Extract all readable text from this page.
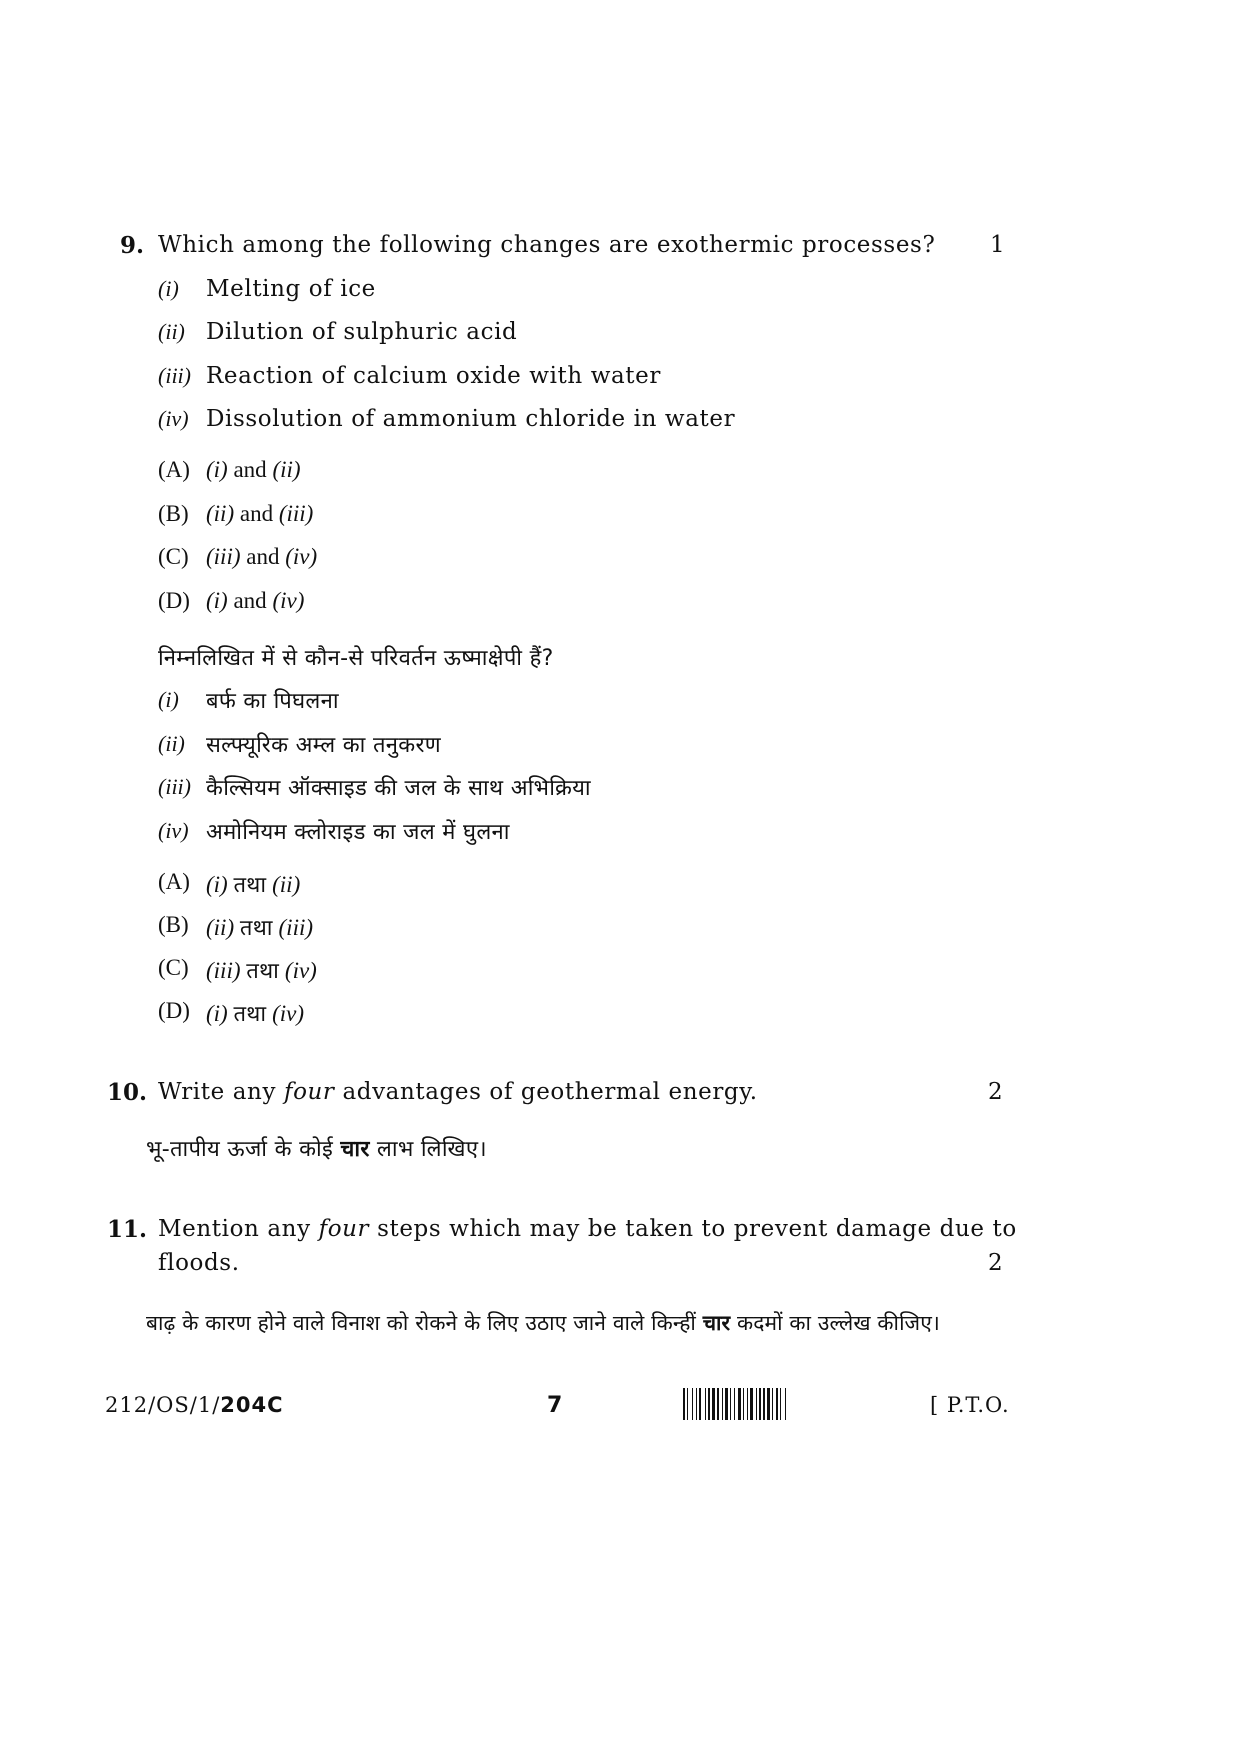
9. Which among the following changes are exothermic processes? 1
(i) Melting of ice
(ii) Dilution of sulphuric acid
(iii) Reaction of calcium oxide with water
(iv) Dissolution of ammonium chloride in water
(A) (i) and (ii)
(B) (ii) and (iii)
(C) (iii) and (iv)
(D) (i) and (iv)
निम्नलिखित में से कौन-से परिवर्तन ऊष्माक्षेपी हैं?
(i) बर्फ का पिघलना
(ii) सल्फ्यूरिक अम्ल का तनुकरण
(iii) कैल्सियम ऑक्साइड की जल के साथ अभिक्रिया
(iv) अमोनियम क्लोराइड का जल में घुलना
(A) (i) तथा (ii)
(B) (ii) तथा (iii)
(C) (iii) तथा (iv)
(D) (i) तथा (iv)
10. Write any four advantages of geothermal energy.	2
भू-तापीय ऊर्जा के कोई चार लाभ लिखिए।
11. Mention any four steps which may be taken to prevent damage due to
floods.	2
बाढ़ के कारण होने वाले विनाश को रोकने के लिए उठाए जाने वाले किन्हीं चार कदमों का उल्लेख कीजिए।
212/OS/1/204C	7	[ P.T.O.
